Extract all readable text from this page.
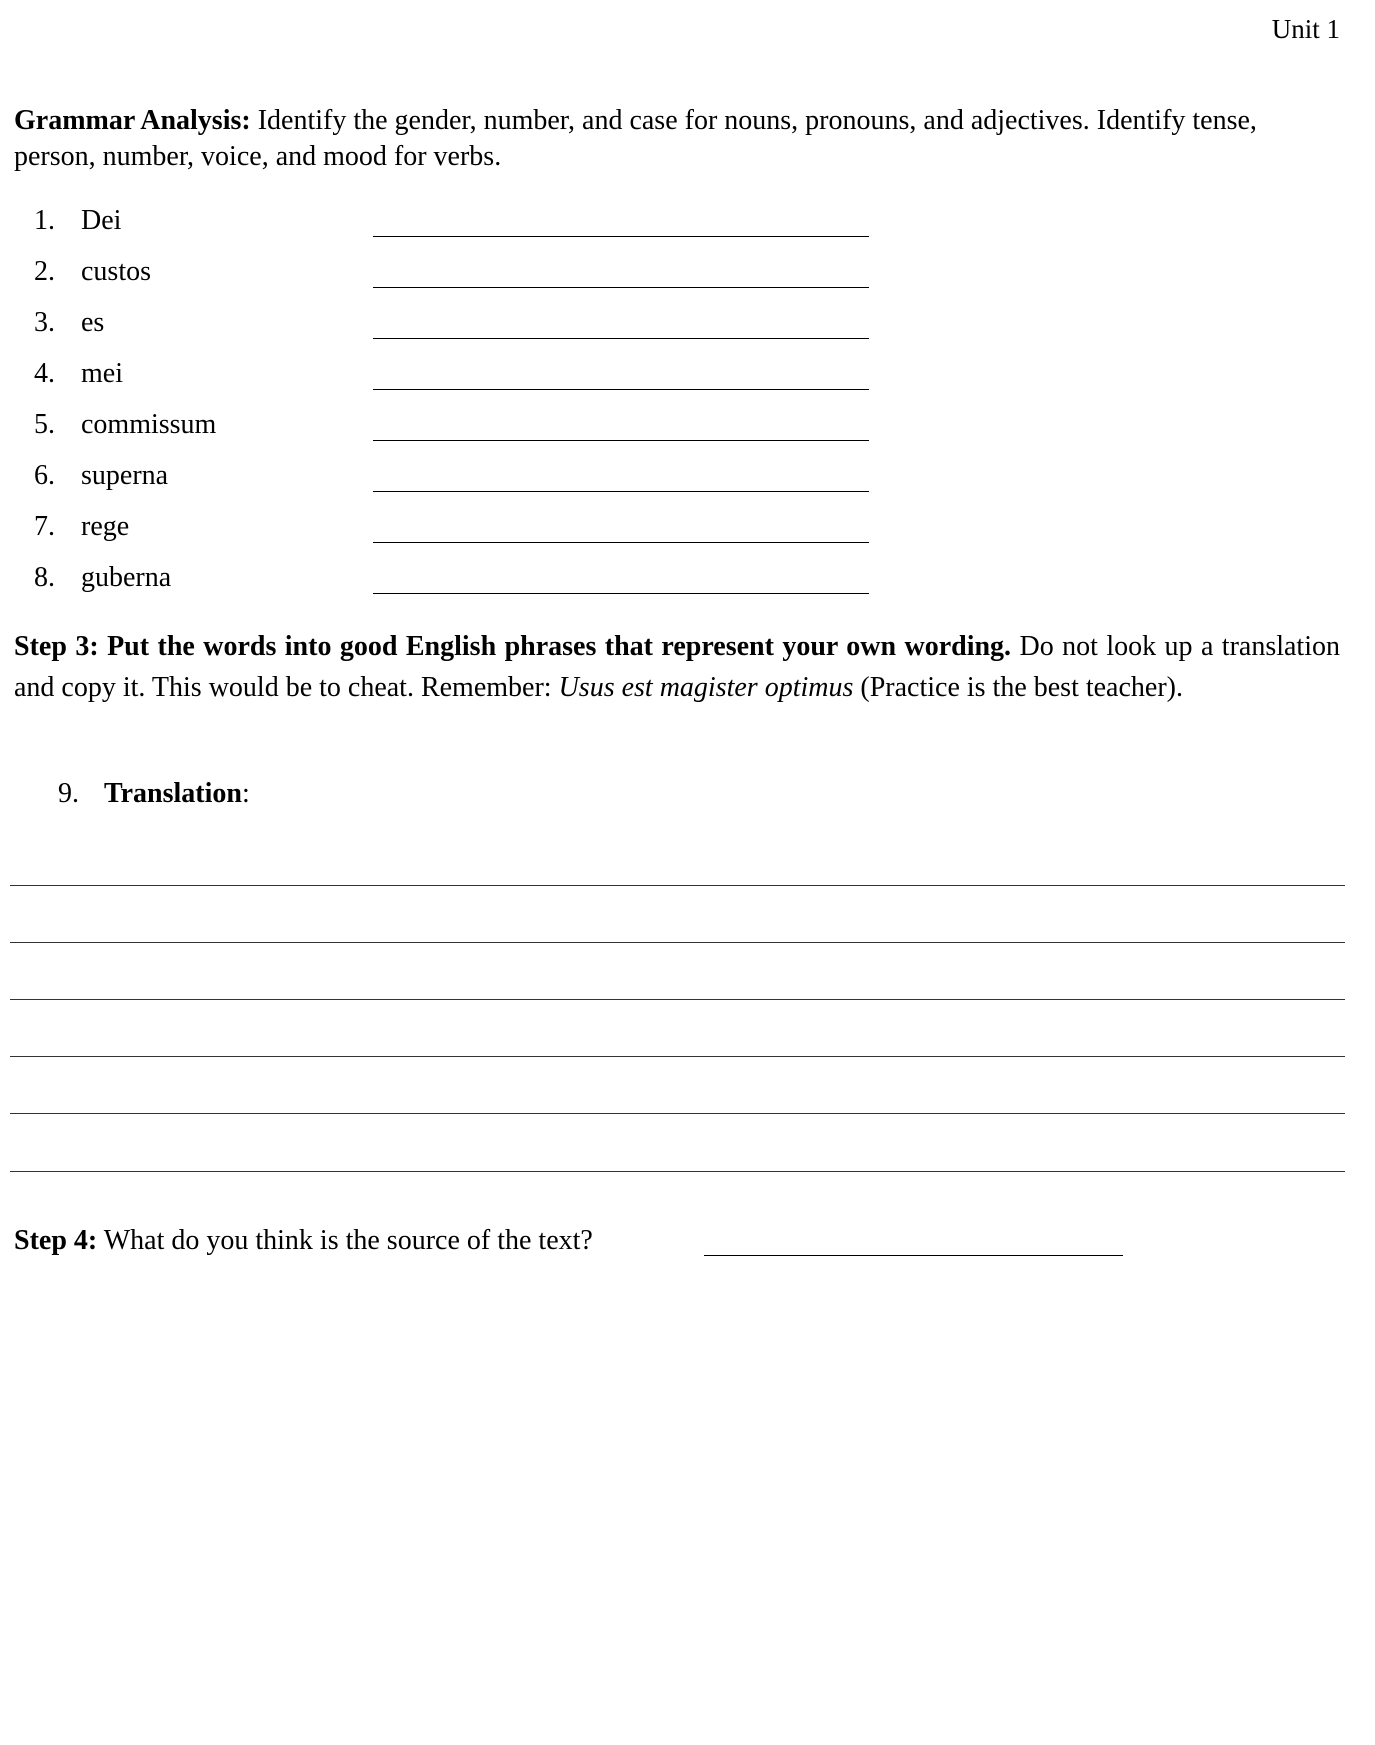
Unit 1
Grammar Analysis: Identify the gender, number, and case for nouns, pronouns, and adjectives. Identify tense, person, number, voice, and mood for verbs.
1. Dei
2. custos
3. es
4. mei
5. commissum
6. superna
7. rege
8. guberna
Step 3: Put the words into good English phrases that represent your own wording. Do not look up a translation and copy it. This would be to cheat. Remember: Usus est magister optimus (Practice is the best teacher).
9. Translation:
Step 4: What do you think is the source of the text?
